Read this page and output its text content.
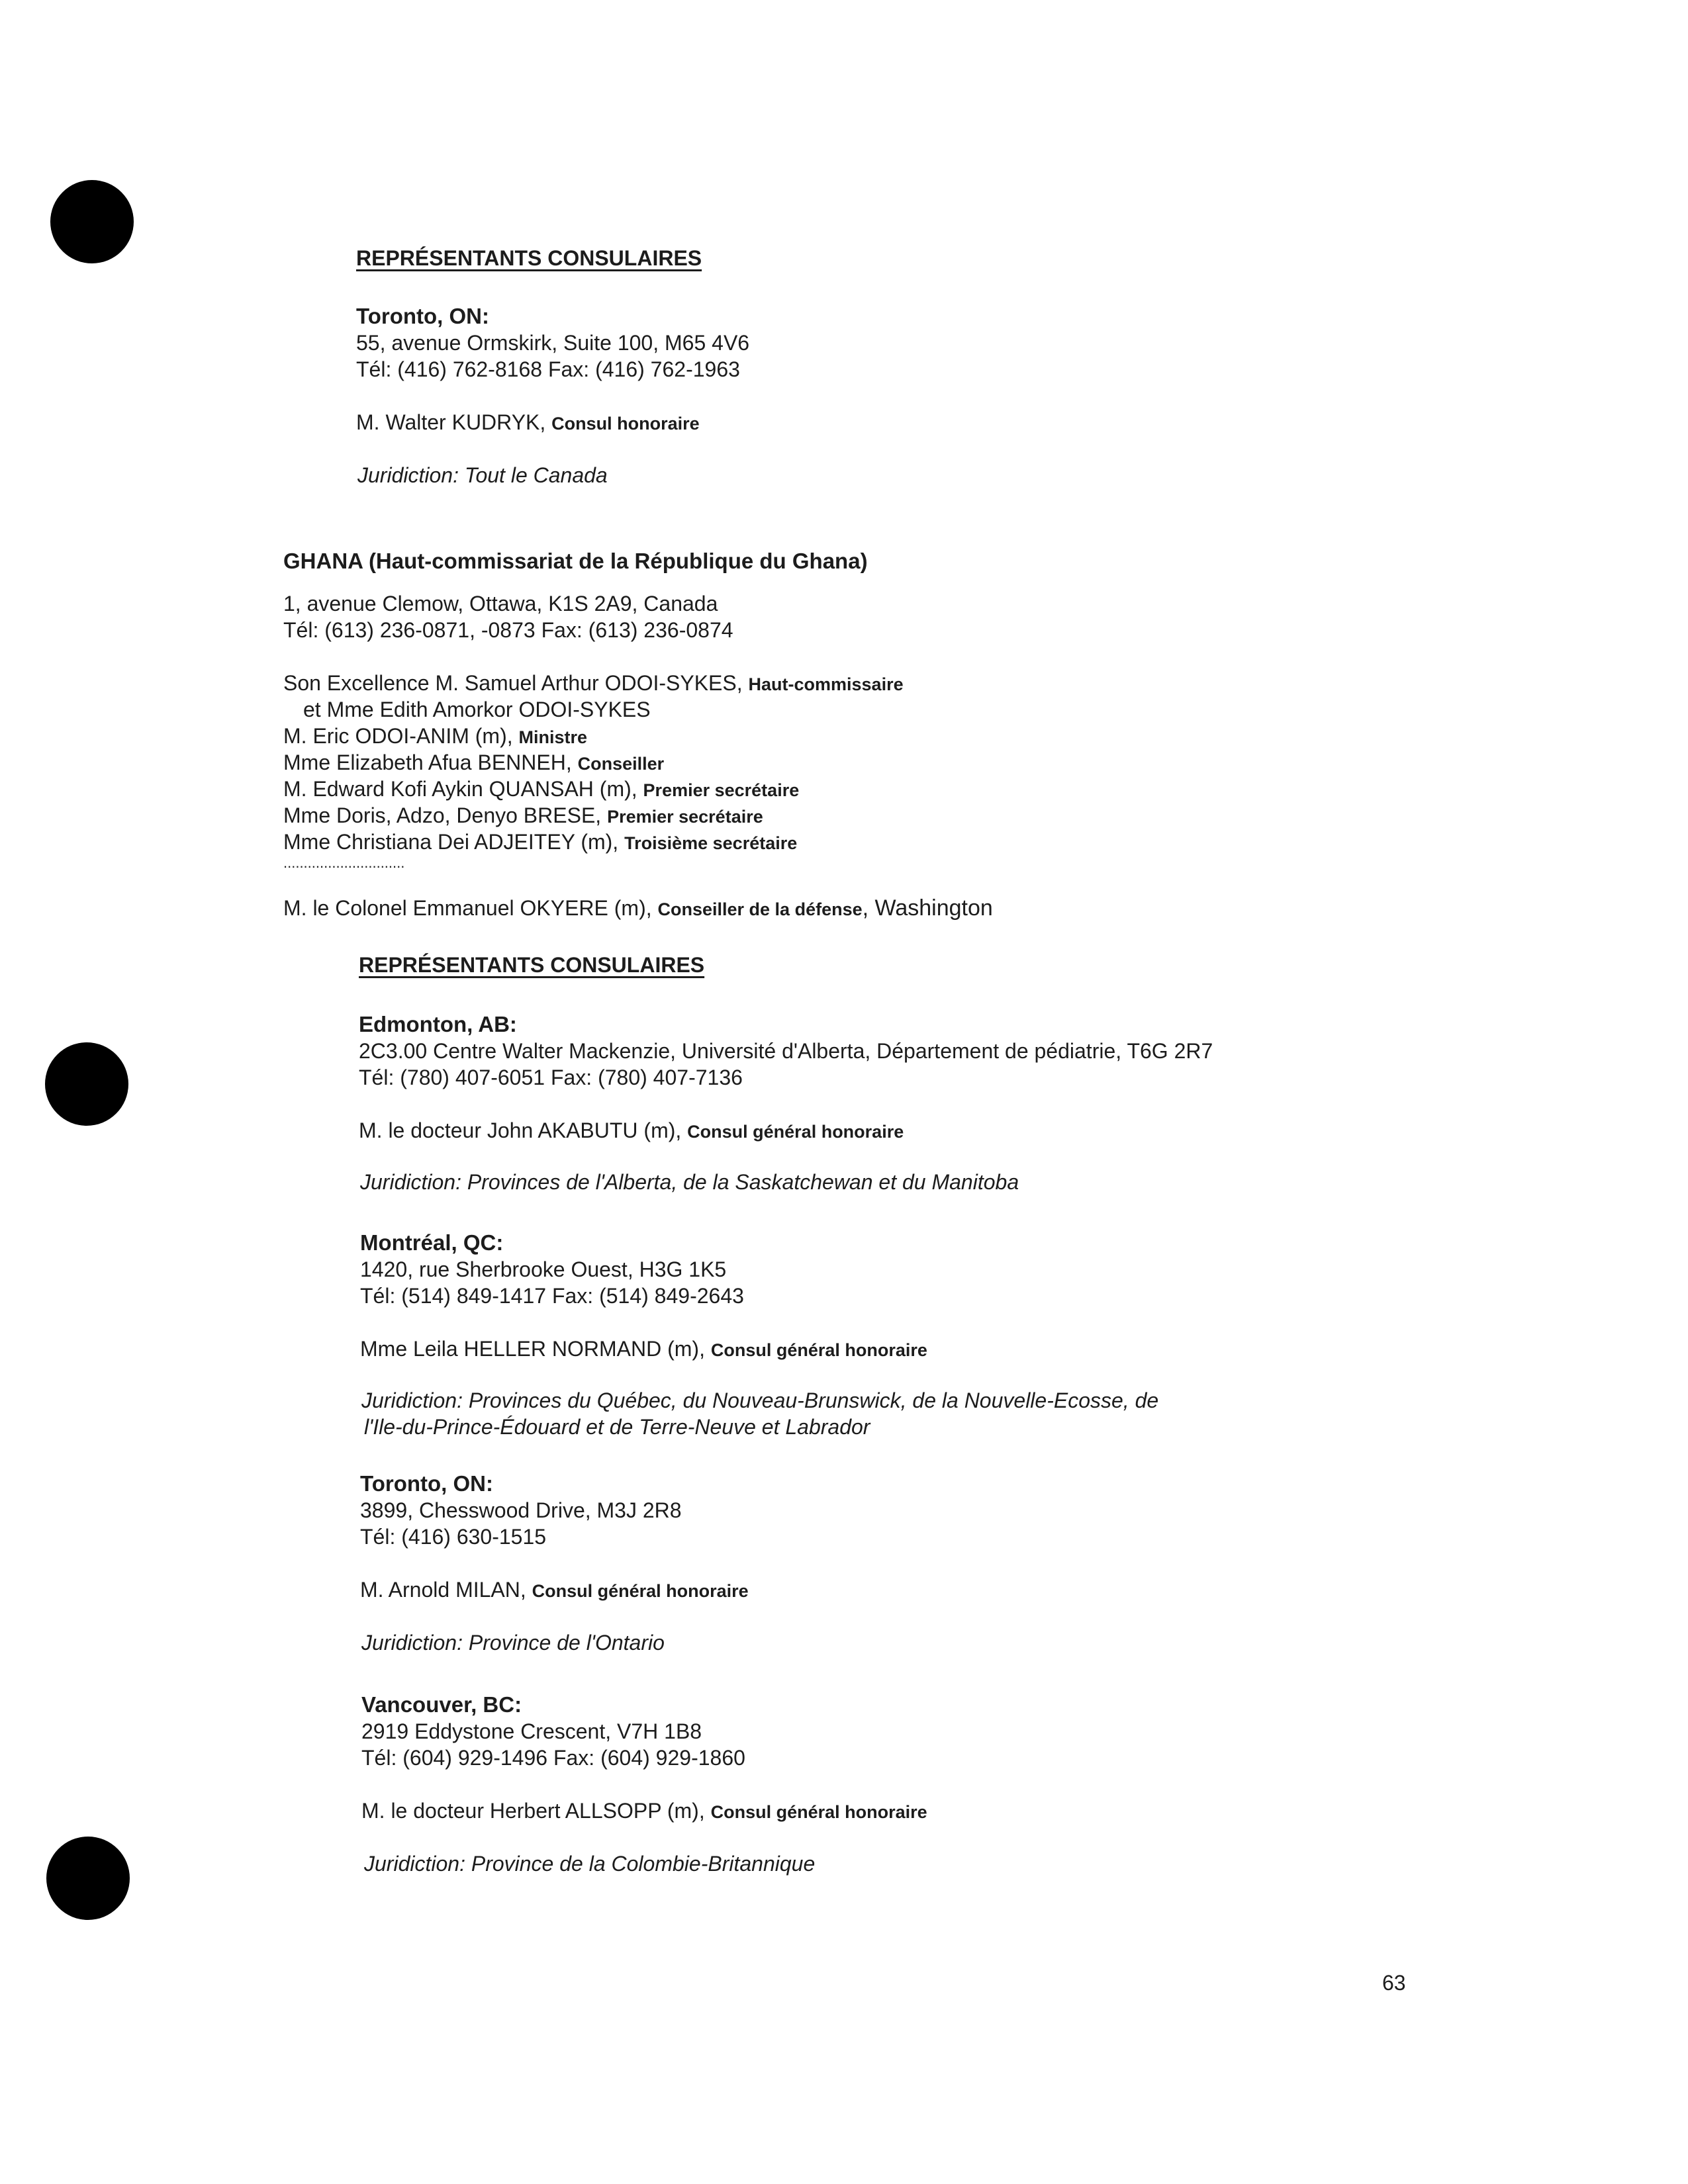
REPRÉSENTANTS CONSULAIRES
Toronto, ON:
55, avenue Ormskirk, Suite 100, M65 4V6
Tél: (416) 762-8168 Fax: (416) 762-1963
M. Walter KUDRYK, Consul honoraire
Juridiction: Tout le Canada
GHANA (Haut-commissariat de la République du Ghana)
1, avenue Clemow, Ottawa, K1S 2A9, Canada
Tél: (613) 236-0871, -0873 Fax: (613) 236-0874
Son Excellence M. Samuel Arthur ODOI-SYKES, Haut-commissaire
et Mme Edith Amorkor ODOI-SYKES
M. Eric ODOI-ANIM (m), Ministre
Mme Elizabeth Afua BENNEH, Conseiller
M. Edward Kofi Aykin QUANSAH (m), Premier secrétaire
Mme Doris, Adzo, Denyo BRESE, Premier secrétaire
Mme Christiana Dei ADJEITEY (m), Troisième secrétaire
..............................
M. le Colonel Emmanuel OKYERE (m), Conseiller de la défense, Washington
REPRÉSENTANTS CONSULAIRES
Edmonton, AB:
2C3.00 Centre Walter Mackenzie, Université d'Alberta, Département de pédiatrie, T6G 2R7
Tél: (780) 407-6051 Fax: (780) 407-7136
M. le docteur John AKABUTU (m), Consul général honoraire
Juridiction: Provinces de l'Alberta, de la Saskatchewan et du Manitoba
Montréal, QC:
1420, rue Sherbrooke Ouest, H3G 1K5
Tél: (514) 849-1417 Fax: (514) 849-2643
Mme Leila HELLER NORMAND (m), Consul général honoraire
Juridiction: Provinces du Québec, du Nouveau-Brunswick, de la Nouvelle-Ecosse, de
l'Ile-du-Prince-Édouard et de Terre-Neuve et Labrador
Toronto, ON:
3899, Chesswood Drive, M3J 2R8
Tél: (416) 630-1515
M. Arnold MILAN, Consul général honoraire
Juridiction: Province de l'Ontario
Vancouver, BC:
2919 Eddystone Crescent, V7H 1B8
Tél: (604) 929-1496 Fax: (604) 929-1860
M. le docteur Herbert ALLSOPP (m), Consul général honoraire
Juridiction: Province de la Colombie-Britannique
63
